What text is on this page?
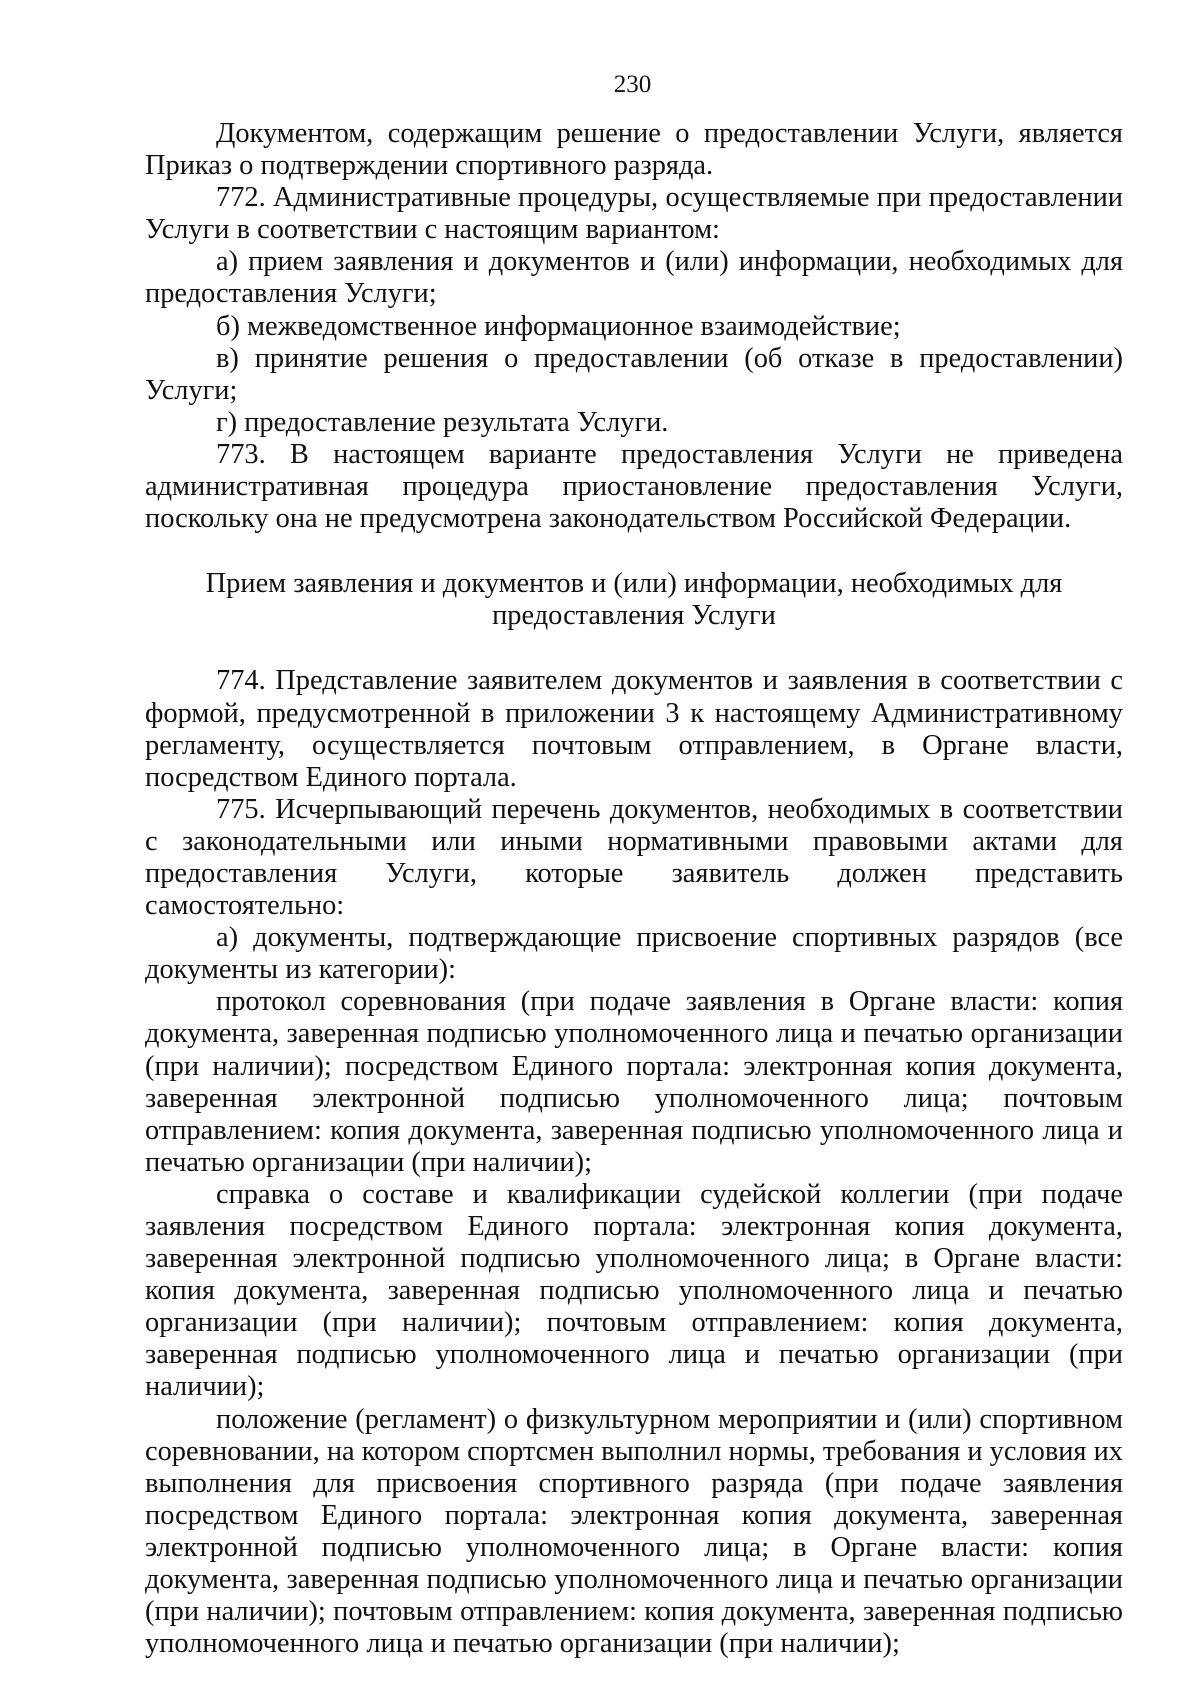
230

Документом, содержащим решение о предоставлении Услуги, является Приказ о подтверждении спортивного разряда.

772. Административные процедуры, осуществляемые при предоставлении Услуги в соответствии с настоящим вариантом:

а) прием заявления и документов и (или) информации, необходимых для предоставления Услуги;

б) межведомственное информационное взаимодействие;

в) принятие решения о предоставлении (об отказе в предоставлении) Услуги;

г) предоставление результата Услуги.

773. В настоящем варианте предоставления Услуги не приведена административная процедура приостановление предоставления Услуги, поскольку она не предусмотрена законодательством Российской Федерации.

Прием заявления и документов и (или) информации, необходимых для предоставления Услуги

774. Представление заявителем документов и заявления в соответствии с формой, предусмотренной в приложении 3 к настоящему Административному регламенту, осуществляется почтовым отправлением, в Органе власти, посредством Единого портала.

775. Исчерпывающий перечень документов, необходимых в соответствии с законодательными или иными нормативными правовыми актами для предоставления Услуги, которые заявитель должен представить самостоятельно:

а) документы, подтверждающие присвоение спортивных разрядов (все документы из категории):

протокол соревнования (при подаче заявления в Органе власти: копия документа, заверенная подписью уполномоченного лица и печатью организации (при наличии); посредством Единого портала: электронная копия документа, заверенная электронной подписью уполномоченного лица; почтовым отправлением: копия документа, заверенная подписью уполномоченного лица и печатью организации (при наличии);

справка о составе и квалификации судейской коллегии (при подаче заявления посредством Единого портала: электронная копия документа, заверенная электронной подписью уполномоченного лица; в Органе власти: копия документа, заверенная подписью уполномоченного лица и печатью организации (при наличии); почтовым отправлением: копия документа, заверенная подписью уполномоченного лица и печатью организации (при наличии);

положение (регламент) о физкультурном мероприятии и (или) спортивном соревновании, на котором спортсмен выполнил нормы, требования и условия их выполнения для присвоения спортивного разряда (при подаче заявления посредством Единого портала: электронная копия документа, заверенная электронной подписью уполномоченного лица; в Органе власти: копия документа, заверенная подписью уполномоченного лица и печатью организации (при наличии); почтовым отправлением: копия документа, заверенная подписью уполномоченного лица и печатью организации (при наличии);
